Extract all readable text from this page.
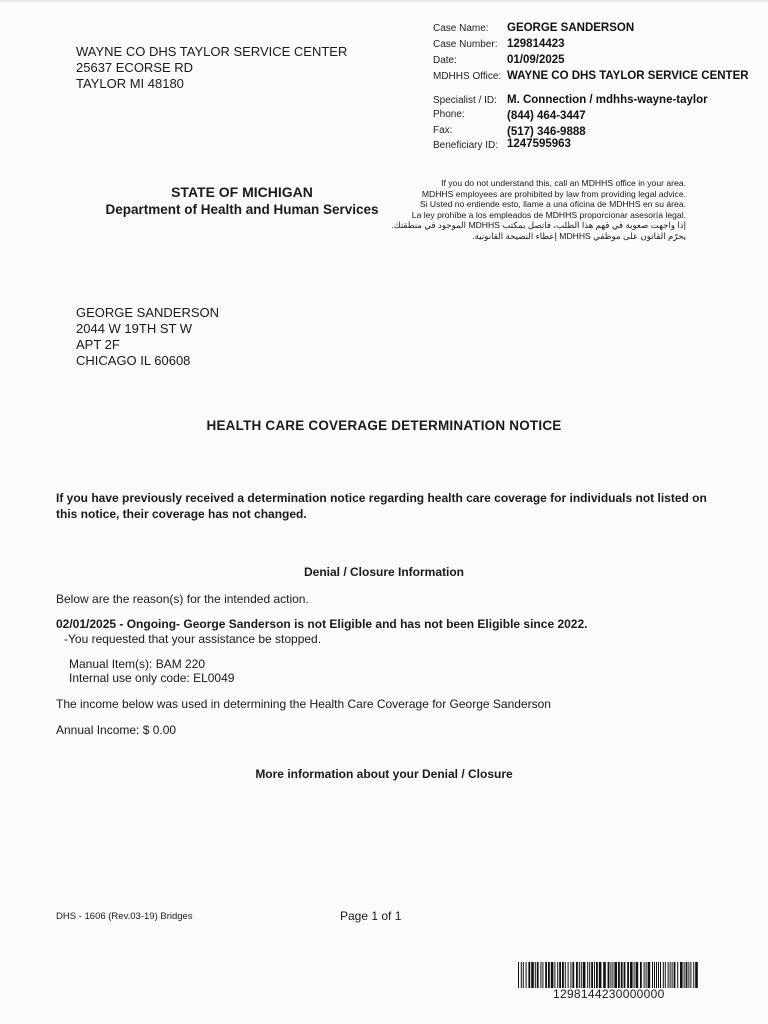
WAYNE CO DHS TAYLOR SERVICE CENTER
25637 ECORSE RD
TAYLOR MI 48180
Case Name: GEORGE SANDERSON
Case Number: 129814423
Date:	01/09/2025
MDHHS Office: WAYNE CO DHS TAYLOR SERVICE CENTER
Specialist / ID: M. Connection / mdhhs-wayne-taylor
Phone:	(844) 464-3447
Fax:	(517) 346-9888
Beneficiary ID: 1247595963
STATE OF MICHIGAN
Department of Health and Human Services
If you do not understand this, call an MDHHS office in your area.
MDHHS employees are prohibited by law from providing legal advice.
Si Usted no entiende esto, llame a una oficina de MDHHS en su área.
La ley prohíbe a los empleados de MDHHS proporcionar asesoría legal.
إذا واجهت صعوبة في فهم هذا الطلب، فاتصل بمكتب MDHHS الموجود في منطقتك.
يحرّم القانون على موظفي MDHHS إعطاء النصيحة القانونية.
GEORGE SANDERSON
2044 W 19TH ST W
APT 2F
CHICAGO IL 60608
HEALTH CARE COVERAGE DETERMINATION NOTICE
If you have previously received a determination notice regarding health care coverage for individuals not listed on this notice, their coverage has not changed.
Denial / Closure Information
Below are the reason(s) for the intended action.
02/01/2025 - Ongoing- George Sanderson is not Eligible and has not been Eligible since 2022.
-You requested that your assistance be stopped.
Manual Item(s): BAM 220
Internal use only code: EL0049
The income below was used in determining the Health Care Coverage for George Sanderson
Annual Income: $ 0.00
More information about your Denial / Closure
DHS - 1606 (Rev.03-19) Bridges	Page 1 of 1
1298144230000000
